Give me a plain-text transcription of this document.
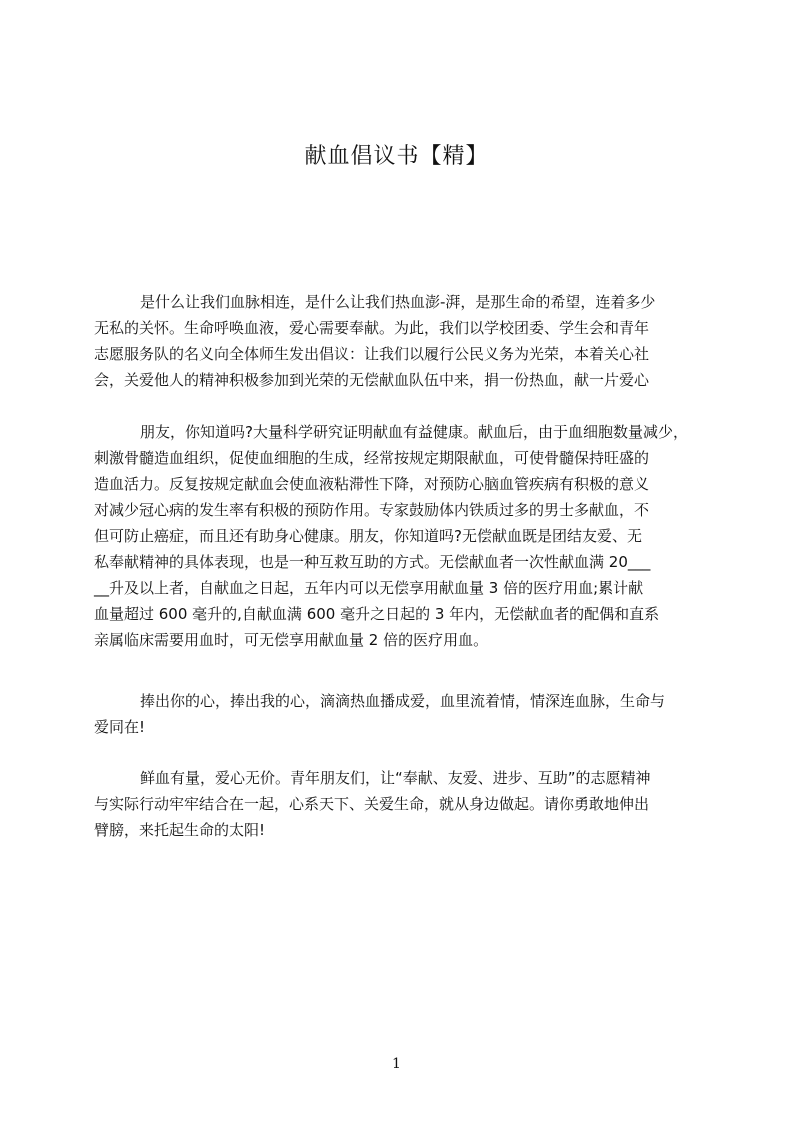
献血倡议书【精】
是什么让我们血脉相连，是什么让我们热血澎-湃，是那生命的希望，连着多少
无私的关怀。生命呼唤血液，爱心需要奉献。为此，我们以学校团委、学生会和青年
志愿服务队的名义向全体师生发出倡议：让我们以履行公民义务为光荣，本着关心社
会，关爱他人的精神积极参加到光荣的无偿献血队伍中来，捐一份热血，献一片爱心
朋友，你知道吗?大量科学研究证明献血有益健康。献血后，由于血细胞数量减少，
刺激骨髓造血组织，促使血细胞的生成，经常按规定期限献血，可使骨髓保持旺盛的
造血活力。反复按规定献血会使血液粘滞性下降，对预防心脑血管疾病有积极的意义
对减少冠心病的发生率有积极的预防作用。专家鼓励体内铁质过多的男士多献血，不
但可防止癌症，而且还有助身心健康。朋友，你知道吗?无偿献血既是团结友爱、无
私奉献精神的具体表现，也是一种互救互助的方式。无偿献血者一次性献血满 20___
__升及以上者，自献血之日起，五年内可以无偿享用献血量 3 倍的医疗用血;累计献
血量超过 600 毫升的,自献血满 600 毫升之日起的 3 年内，无偿献血者的配偶和直系
亲属临床需要用血时，可无偿享用献血量 2 倍的医疗用血。
捧出你的心，捧出我的心，滴滴热血播成爱，血里流着情，情深连血脉，生命与
爱同在!
鲜血有量，爱心无价。青年朋友们，让“奉献、友爱、进步、互助”的志愿精神
与实际行动牢牢结合在一起，心系天下、关爱生命，就从身边做起。请你勇敢地伸出
臂膀，来托起生命的太阳!
1
